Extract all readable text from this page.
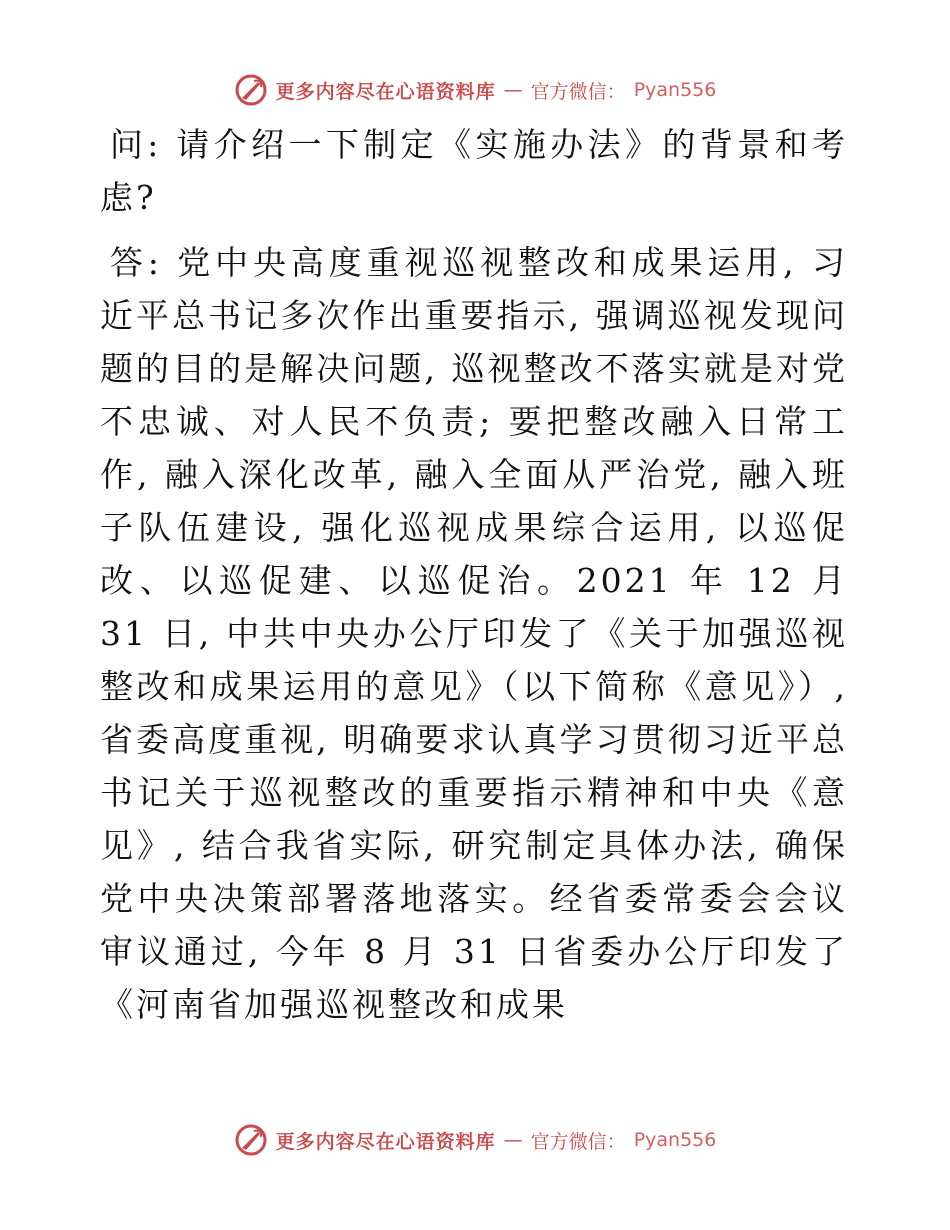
更多内容尽在心语资料库 — 官方微信： Pyan556

问: 请介绍一下制定《实施办法》的背景和考虑?

答: 党中央高度重视巡视整改和成果运用, 习近平总书记多次作出重要指示, 强调巡视发现问题的目的是解决问题, 巡视整改不落实就是对党不忠诚、对人民不负责; 要把整改融入日常工作, 融入深化改革, 融入全面从严治党, 融入班子队伍建设, 强化巡视成果综合运用, 以巡促改、以巡促建、以巡促治。2021 年 12 月 31 日, 中共中央办公厅印发了《关于加强巡视整改和成果运用的意见》（以下简称《意见》）, 省委高度重视, 明确要求认真学习贯彻习近平总书记关于巡视整改的重要指示精神和中央《意见》, 结合我省实际, 研究制定具体办法, 确保党中央决策部署落地落实。经省委常委会会议审议通过, 今年 8 月 31 日省委办公厅印发了《河南省加强巡视整改和成果

更多内容尽在心语资料库 — 官方微信： Pyan556
